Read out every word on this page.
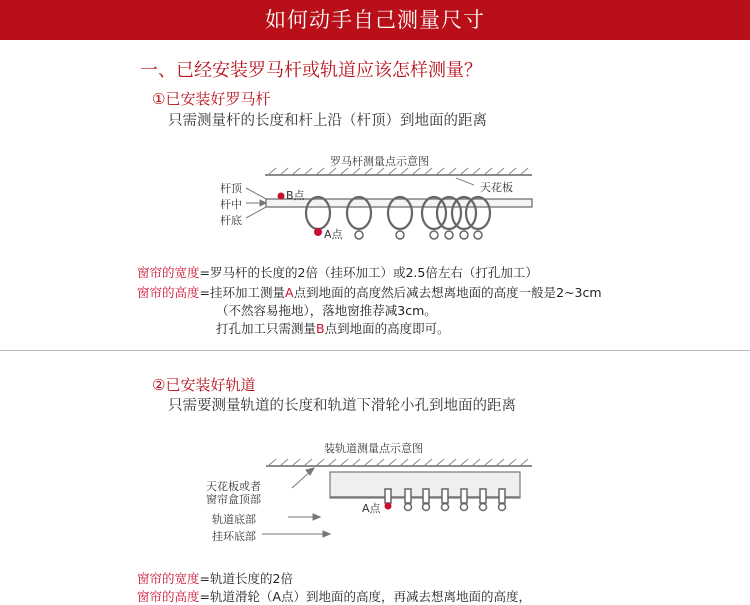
如何动手自己测量尺寸
一、已经安装罗马杆或轨道应该怎样测量？
①已安装好罗马杆
只需测量杆的长度和杆上沿（杆顶）到地面的距离
罗马杆测量点示意图
杆顶
杆中
杆底
B点
A点
天花板
窗帘的宽度=罗马杆的长度的2倍（挂环加工）或2.5倍左右（打孔加工）
窗帘的高度=挂环加工测量A点到地面的高度然后减去想离地面的高度一般是2~3cm
（不然容易拖地），落地窗推荐减3cm。
打孔加工只需测量B点到地面的高度即可。
②已安装好轨道
只需要测量轨道的长度和轨道下滑轮小孔到地面的距离
装轨道测量点示意图
天花板或者
窗帘盒顶部
轨道底部
挂环底部
A点
窗帘的宽度=轨道长度的2倍
窗帘的高度=轨道滑轮（A点）到地面的高度，再减去想离地面的高度，
